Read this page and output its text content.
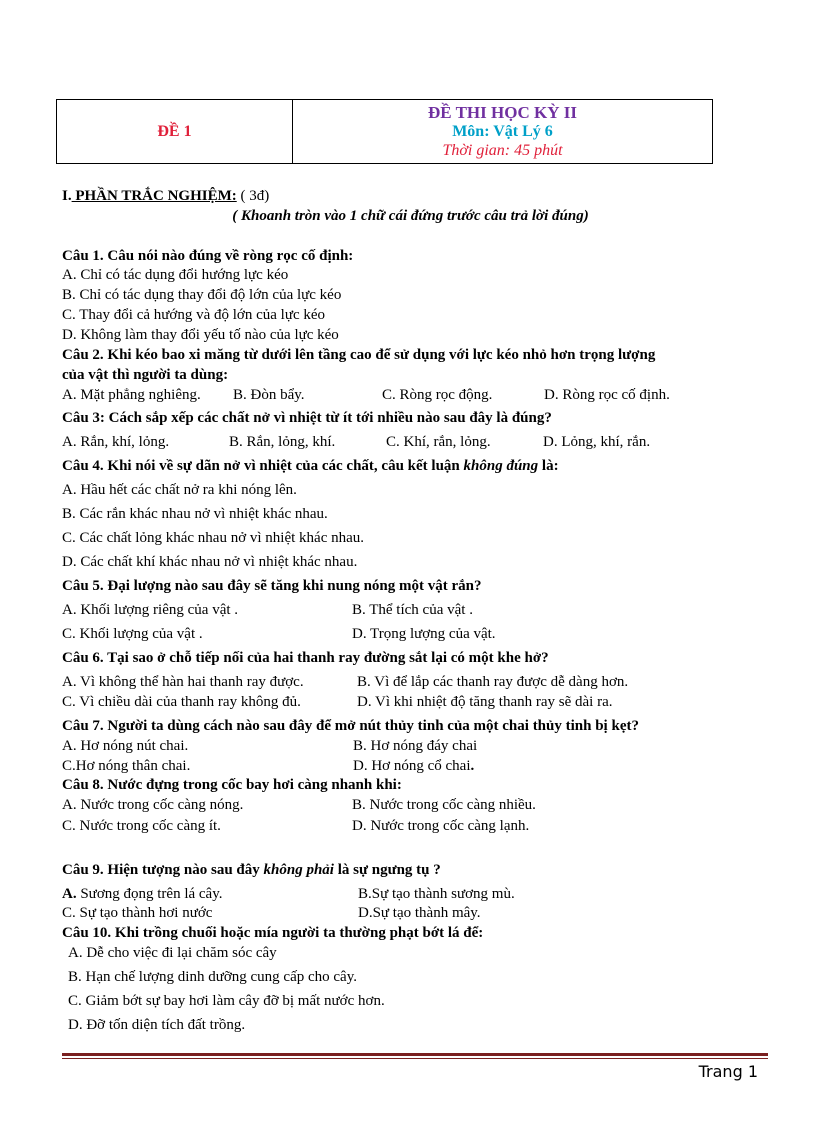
ĐỀ 1
ĐỀ THI HỌC KỲ II
Môn: Vật Lý 6
Thời gian: 45 phút
I. PHẦN TRẮC NGHIỆM: ( 3đ)
( Khoanh tròn vào 1 chữ cái đứng trước câu trả lời đúng)
Câu 1. Câu nói nào đúng về ròng rọc cố định:
A. Chỉ có tác dụng đổi hướng lực kéo
B. Chỉ có tác dụng thay đổi độ lớn của lực kéo
C. Thay đổi cả hướng và độ lớn của lực kéo
D. Không làm thay đổi yếu tố nào của lực kéo
Câu 2. Khi kéo bao xi măng từ dưới lên tầng cao để sử dụng với lực kéo nhỏ hơn trọng lượng
của vật thì người ta dùng:
A. Mặt phẳng nghiêng. B. Đòn bẩy.	C. Ròng rọc động.	D. Ròng rọc cố định.
Câu 3: Cách sắp xếp các chất nở vì nhiệt từ ít tới nhiều nào sau đây là đúng?
A. Rắn, khí, lỏng.	B. Rắn, lỏng, khí.	C. Khí, rắn, lỏng.	D. Lỏng, khí, rắn.
Câu 4. Khi nói về sự dãn nở vì nhiệt của các chất, câu kết luận không đúng là:
A. Hầu hết các chất nở ra khi nóng lên.
B. Các rắn khác nhau nở vì nhiệt khác nhau.
C. Các chất lỏng khác nhau nở vì nhiệt khác nhau.
D. Các chất khí khác nhau nở vì nhiệt khác nhau.
Câu 5. Đại lượng nào sau đây sẽ tăng khi nung nóng một vật rắn?
A. Khối lượng riêng của vật .	B. Thể tích của vật .
C. Khối lượng của vật .	D. Trọng lượng của vật.
Câu 6. Tại sao ở chỗ tiếp nối của hai thanh ray đường sắt lại có một khe hở?
A. Vì không thể hàn hai thanh ray được.	B. Vì để lắp các thanh ray được dễ dàng hơn.
C. Vì chiều dài của thanh ray không đủ.	D. Vì khi nhiệt độ tăng thanh ray sẽ dài ra.
Câu 7. Người ta dùng cách nào sau đây để mở nút thủy tinh của một chai thủy tinh bị kẹt?
A. Hơ nóng nút chai.	B. Hơ nóng đáy chai
C.Hơ nóng thân chai.	D. Hơ nóng cổ chai.
Câu 8. Nước đựng trong cốc bay hơi càng nhanh khi:
A. Nước trong cốc càng nóng.	B. Nước trong cốc càng nhiều.
C. Nước trong cốc càng ít.	D. Nước trong cốc càng lạnh.
Câu 9. Hiện tượng nào sau đây không phải là sự ngưng tụ ?
A. Sương đọng trên lá cây.	B.Sự tạo thành sương mù.
C. Sự tạo thành hơi nước	D.Sự tạo thành mây.
Câu 10. Khi trồng chuối hoặc mía người ta thường phạt bớt lá để:
A. Dễ cho việc đi lại chăm sóc cây
B. Hạn chế lượng dinh dưỡng cung cấp cho cây.
C. Giảm bớt sự bay hơi làm cây đỡ bị mất nước hơn.
D. Đỡ tốn diện tích đất trồng.
Trang 1
